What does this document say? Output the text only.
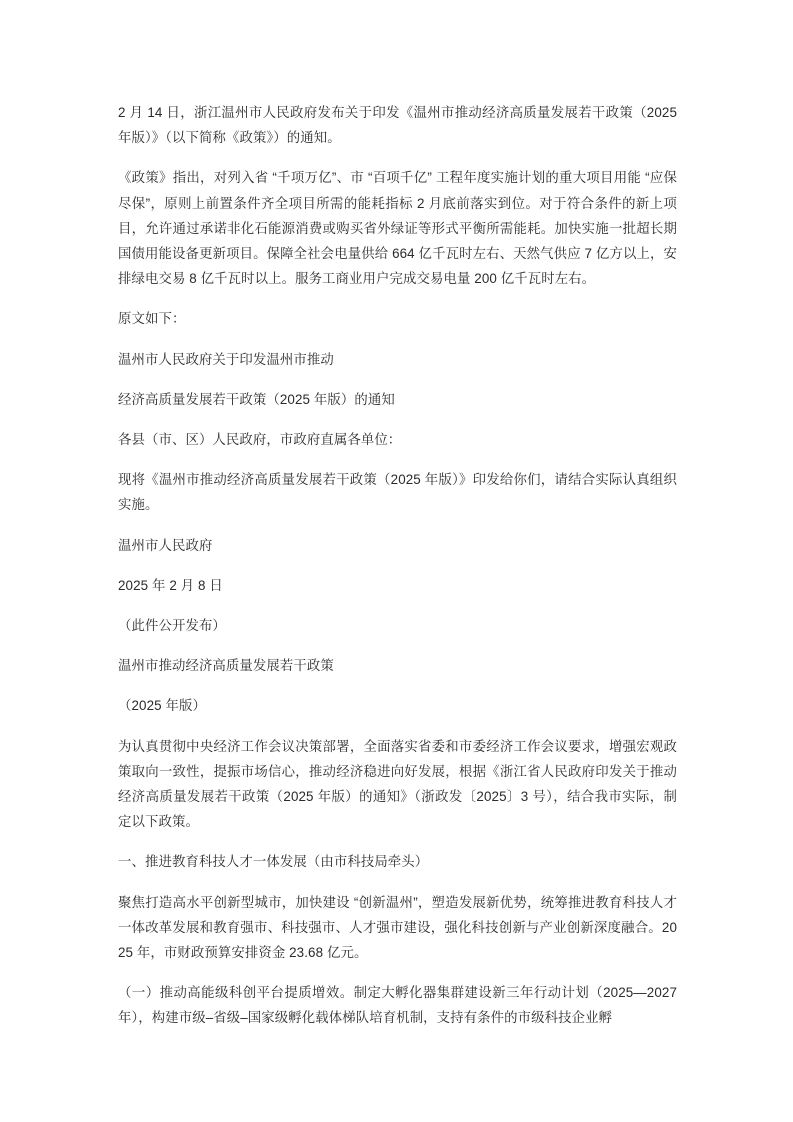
2 月 14 日，浙江温州市人民政府发布关于印发《温州市推动经济高质量发展若干政策（2025 年版）》（以下简称《政策》）的通知。

《政策》指出，对列入省 “千项万亿”、市 “百项千亿” 工程年度实施计划的重大项目用能 “应保尽保”，原则上前置条件齐全项目所需的能耗指标 2 月底前落实到位。对于符合条件的新上项目，允许通过承诺非化石能源消费或购买省外绿证等形式平衡所需能耗。加快实施一批超长期国债用能设备更新项目。保障全社会电量供给 664 亿千瓦时左右、天然气供应 7 亿方以上，安排绿电交易 8 亿千瓦时以上。服务工商业用户完成交易电量 200 亿千瓦时左右。

原文如下：

温州市人民政府关于印发温州市推动

经济高质量发展若干政策（2025 年版）的通知

各县（市、区）人民政府，市政府直属各单位：

现将《温州市推动经济高质量发展若干政策（2025 年版）》印发给你们，请结合实际认真组织实施。

温州市人民政府

2025 年 2 月 8 日

（此件公开发布）

温州市推动经济高质量发展若干政策

（2025 年版）

为认真贯彻中央经济工作会议决策部署，全面落实省委和市委经济工作会议要求，增强宏观政策取向一致性，提振市场信心，推动经济稳进向好发展，根据《浙江省人民政府印发关于推动经济高质量发展若干政策（2025 年版）的通知》（浙政发〔2025〕3 号），结合我市实际，制定以下政策。

一、推进教育科技人才一体发展（由市科技局牵头）

聚焦打造高水平创新型城市，加快建设 “创新温州”，塑造发展新优势，统筹推进教育科技人才一体改革发展和教育强市、科技强市、人才强市建设，强化科技创新与产业创新深度融合。2025 年，市财政预算安排资金 23.68 亿元。

（一）推动高能级科创平台提质增效。制定大孵化器集群建设新三年行动计划（2025—2027 年），构建市级–省级–国家级孵化载体梯队培育机制，支持有条件的市级科技企业孵
